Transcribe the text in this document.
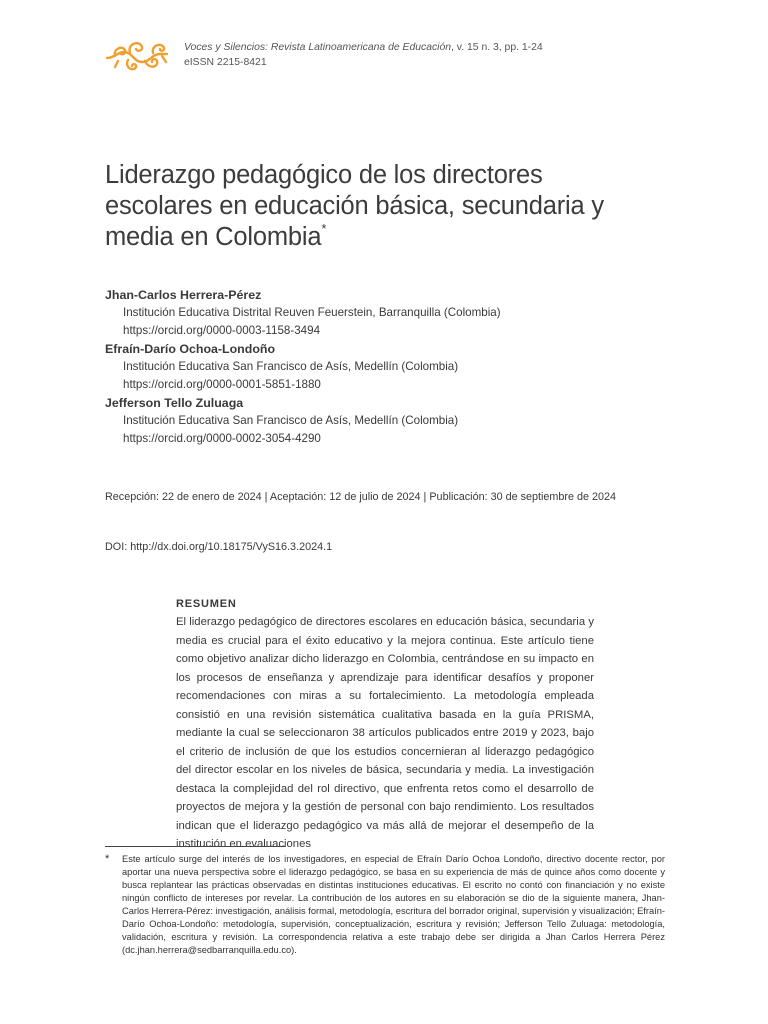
Voces y Silencios: Revista Latinoamericana de Educación, v. 15 n. 3, pp. 1-24
eISSN 2215-8421
Liderazgo pedagógico de los directores escolares en educación básica, secundaria y media en Colombia*
Jhan-Carlos Herrera-Pérez
Institución Educativa Distrital Reuven Feuerstein, Barranquilla (Colombia)
https://orcid.org/0000-0003-1158-3494
Efraín-Darío Ochoa-Londoño
Institución Educativa San Francisco de Asís, Medellín (Colombia)
https://orcid.org/0000-0001-5851-1880
Jefferson Tello Zuluaga
Institución Educativa San Francisco de Asís, Medellín (Colombia)
https://orcid.org/0000-0002-3054-4290
Recepción: 22 de enero de 2024 | Aceptación: 12 de julio de 2024 | Publicación: 30 de septiembre de 2024
DOI: http://dx.doi.org/10.18175/VyS16.3.2024.1
RESUMEN

El liderazgo pedagógico de directores escolares en educación básica, secundaria y media es crucial para el éxito educativo y la mejora continua. Este artículo tiene como objetivo analizar dicho liderazgo en Colombia, centrándose en su impacto en los procesos de enseñanza y aprendizaje para identificar desafíos y proponer recomendaciones con miras a su fortalecimiento. La metodología empleada consistió en una revisión sistemática cualitativa basada en la guía PRISMA, mediante la cual se seleccionaron 38 artículos publicados entre 2019 y 2023, bajo el criterio de inclusión de que los estudios concernieran al liderazgo pedagógico del director escolar en los niveles de básica, secundaria y media. La investigación destaca la complejidad del rol directivo, que enfrenta retos como el desarrollo de proyectos de mejora y la gestión de personal con bajo rendimiento. Los resultados indican que el liderazgo pedagógico va más allá de mejorar el desempeño de la institución en evaluaciones

* Este artículo surge del interés de los investigadores, en especial de Efraín Darío Ochoa Londoño, directivo docente rector, por aportar una nueva perspectiva sobre el liderazgo pedagógico, se basa en su experiencia de más de quince años como docente y busca replantear las prácticas observadas en distintas instituciones educativas. El escrito no contó con financiación y no existe ningún conflicto de intereses por revelar. La contribución de los autores en su elaboración se dio de la siguiente manera, Jhan-Carlos Herrera-Pérez: investigación, análisis formal, metodología, escritura del borrador original, supervisión y visualización; Efraín-Darío Ochoa-Londoño: metodología, supervisión, conceptualización, escritura y revisión; Jefferson Tello Zuluaga: metodología, validación, escritura y revisión. La correspondencia relativa a este trabajo debe ser dirigida a Jhan Carlos Herrera Pérez (dc.jhan.herrera@sedbarranquilla.edu.co).
